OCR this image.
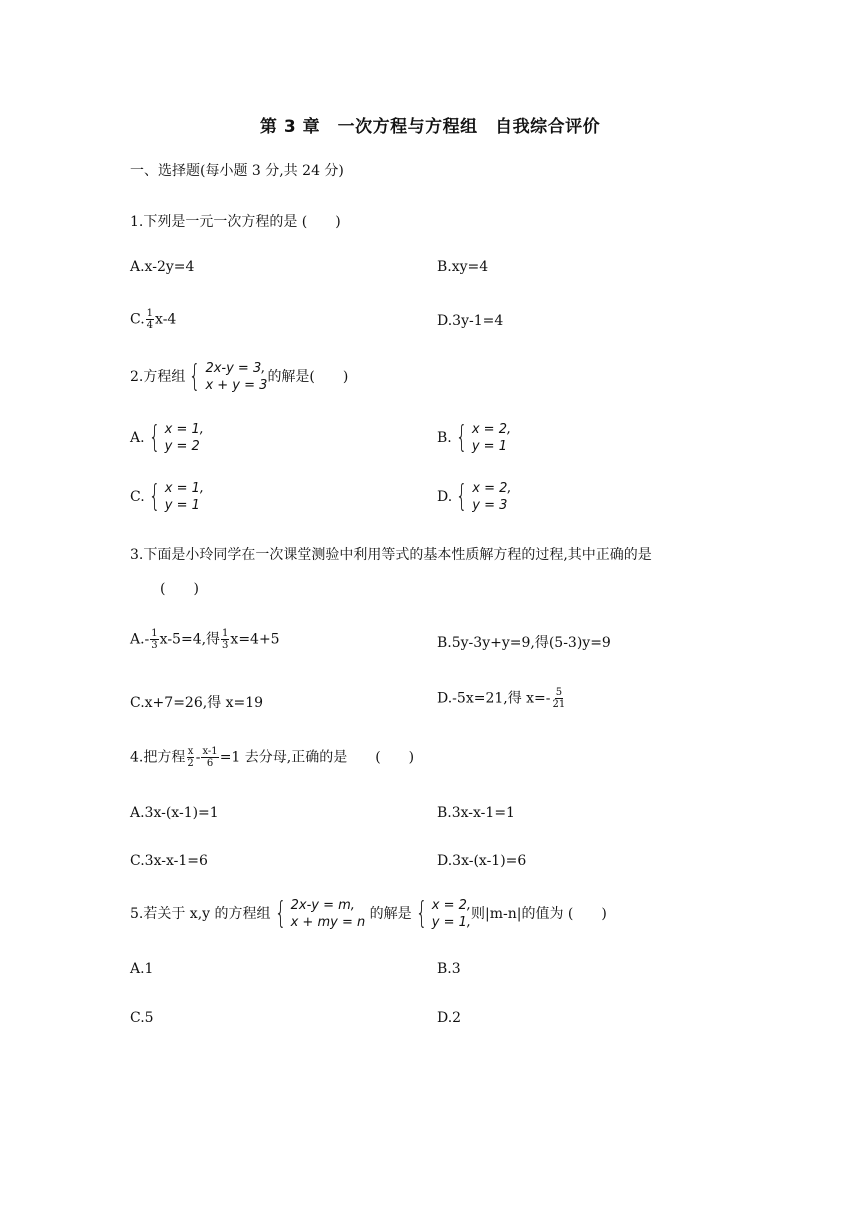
第 3 章　一次方程与方程组　自我综合评价
一、选择题(每小题 3 分,共 24 分)
1.下列是一元一次方程的是 (　　)
A.x-2y=4	B.xy=4
C. $\frac{1}{4} x-4$	D.3y-1=4
2.方程组 { 2x-y = 3,
x + y = 3
的解是(　　)
A. { x = 1,
y = 2
B. { x = 2,
y = 1
C. { x = 1,
y = 1
D. { x = 2,
y = 3
3.下面是小玲同学在一次课堂测验中利用等式的基本性质解方程的过程,其中正确的是
(　　)
$A.- \frac{1}{3} x-5=4$,得 $\frac{1}{3} x=4+5$	B.5y-3y+y=9,得(5-3)y=9
C.x+7=26,得 x=19	D.-5x=21,得 $x=- \frac{5}{21}$
4.把方程 $\frac{x}{2} - \frac{x-1}{6} =1$ 去分母,正确的是　　(　　)
A.3x-(x-1)=1	B.3x-x-1=1
C.3x-x-1=6	D.3x-(x-1)=6
5.若关于 x,y 的方程组 { 2x-y = m,
x + my = n
的解是 { x = 2,
y = 1,
则|m-n|的值为 (　　)
A.1	B.3
C.5	D.2
